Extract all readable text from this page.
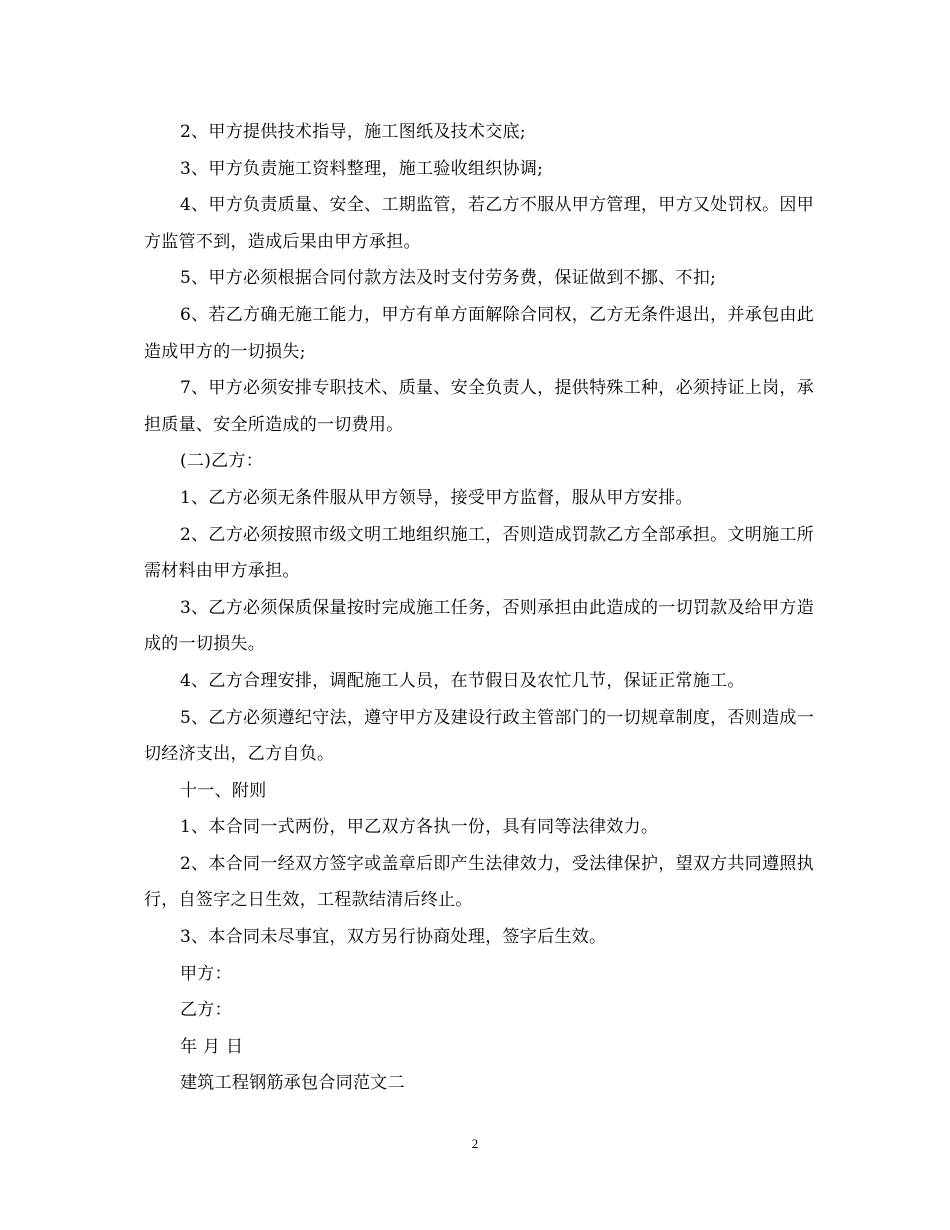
2、甲方提供技术指导，施工图纸及技术交底;

3、甲方负责施工资料整理，施工验收组织协调;

4、甲方负责质量、安全、工期监管，若乙方不服从甲方管理，甲方又处罚权。因甲方监管不到，造成后果由甲方承担。

5、甲方必须根据合同付款方法及时支付劳务费，保证做到不挪、不扣;

6、若乙方确无施工能力，甲方有单方面解除合同权，乙方无条件退出，并承包由此造成甲方的一切损失;

7、甲方必须安排专职技术、质量、安全负责人，提供特殊工种，必须持证上岗，承担质量、安全所造成的一切费用。

(二)乙方：

1、乙方必须无条件服从甲方领导，接受甲方监督，服从甲方安排。

2、乙方必须按照市级文明工地组织施工，否则造成罚款乙方全部承担。文明施工所需材料由甲方承担。

3、乙方必须保质保量按时完成施工任务，否则承担由此造成的一切罚款及给甲方造成的一切损失。

4、乙方合理安排，调配施工人员，在节假日及农忙几节，保证正常施工。

5、乙方必须遵纪守法，遵守甲方及建设行政主管部门的一切规章制度，否则造成一切经济支出，乙方自负。

十一、附则

1、本合同一式两份，甲乙双方各执一份，具有同等法律效力。

2、本合同一经双方签字或盖章后即产生法律效力，受法律保护，望双方共同遵照执行，自签字之日生效，工程款结清后终止。

3、本合同未尽事宜，双方另行协商处理，签字后生效。

甲方：

乙方：

年 月 日

建筑工程钢筋承包合同范文二

2
